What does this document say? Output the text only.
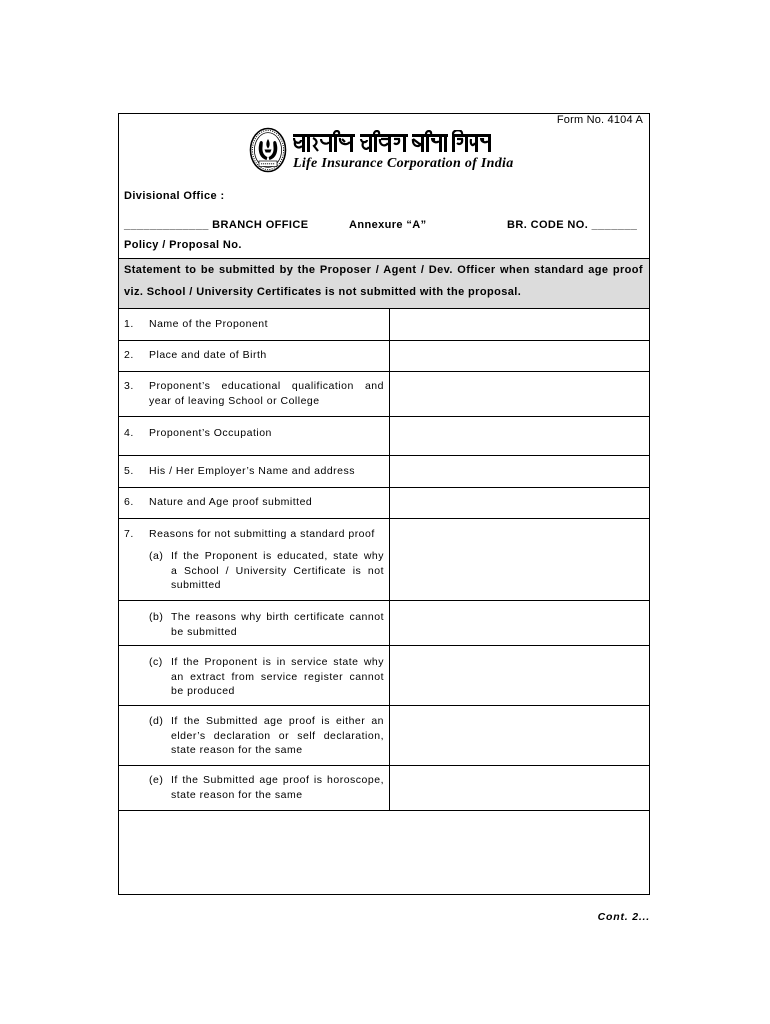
Form No. 4104 A
Life Insurance Corporation of India
Divisional Office :
_____________ BRANCH OFFICE	Annexure “A”	BR. CODE NO. _______
Policy / Proposal No.
Statement to be submitted by the Proposer / Agent / Dev. Officer when standard age proof
viz. School / University Certificates is not submitted with the proposal.
1. Name of the Proponent
2. Place and date of Birth
3. Proponent’s educational qualification and
year of leaving School or College
4. Proponent’s Occupation
5. His / Her Employer’s Name and address
6. Nature and Age proof submitted
7. Reasons for not submitting a standard proof
(a) If the Proponent is educated, state why
a School / University Certificate is not
submitted
(b) The reasons why birth certificate cannot
be submitted
(c) If the Proponent is in service state why
an extract from service register cannot
be produced
(d) If the Submitted age proof is either an
elder’s declaration or self declaration,
state reason for the same
(e) If the Submitted age proof is horoscope,
state reason for the same
Cont. 2...
